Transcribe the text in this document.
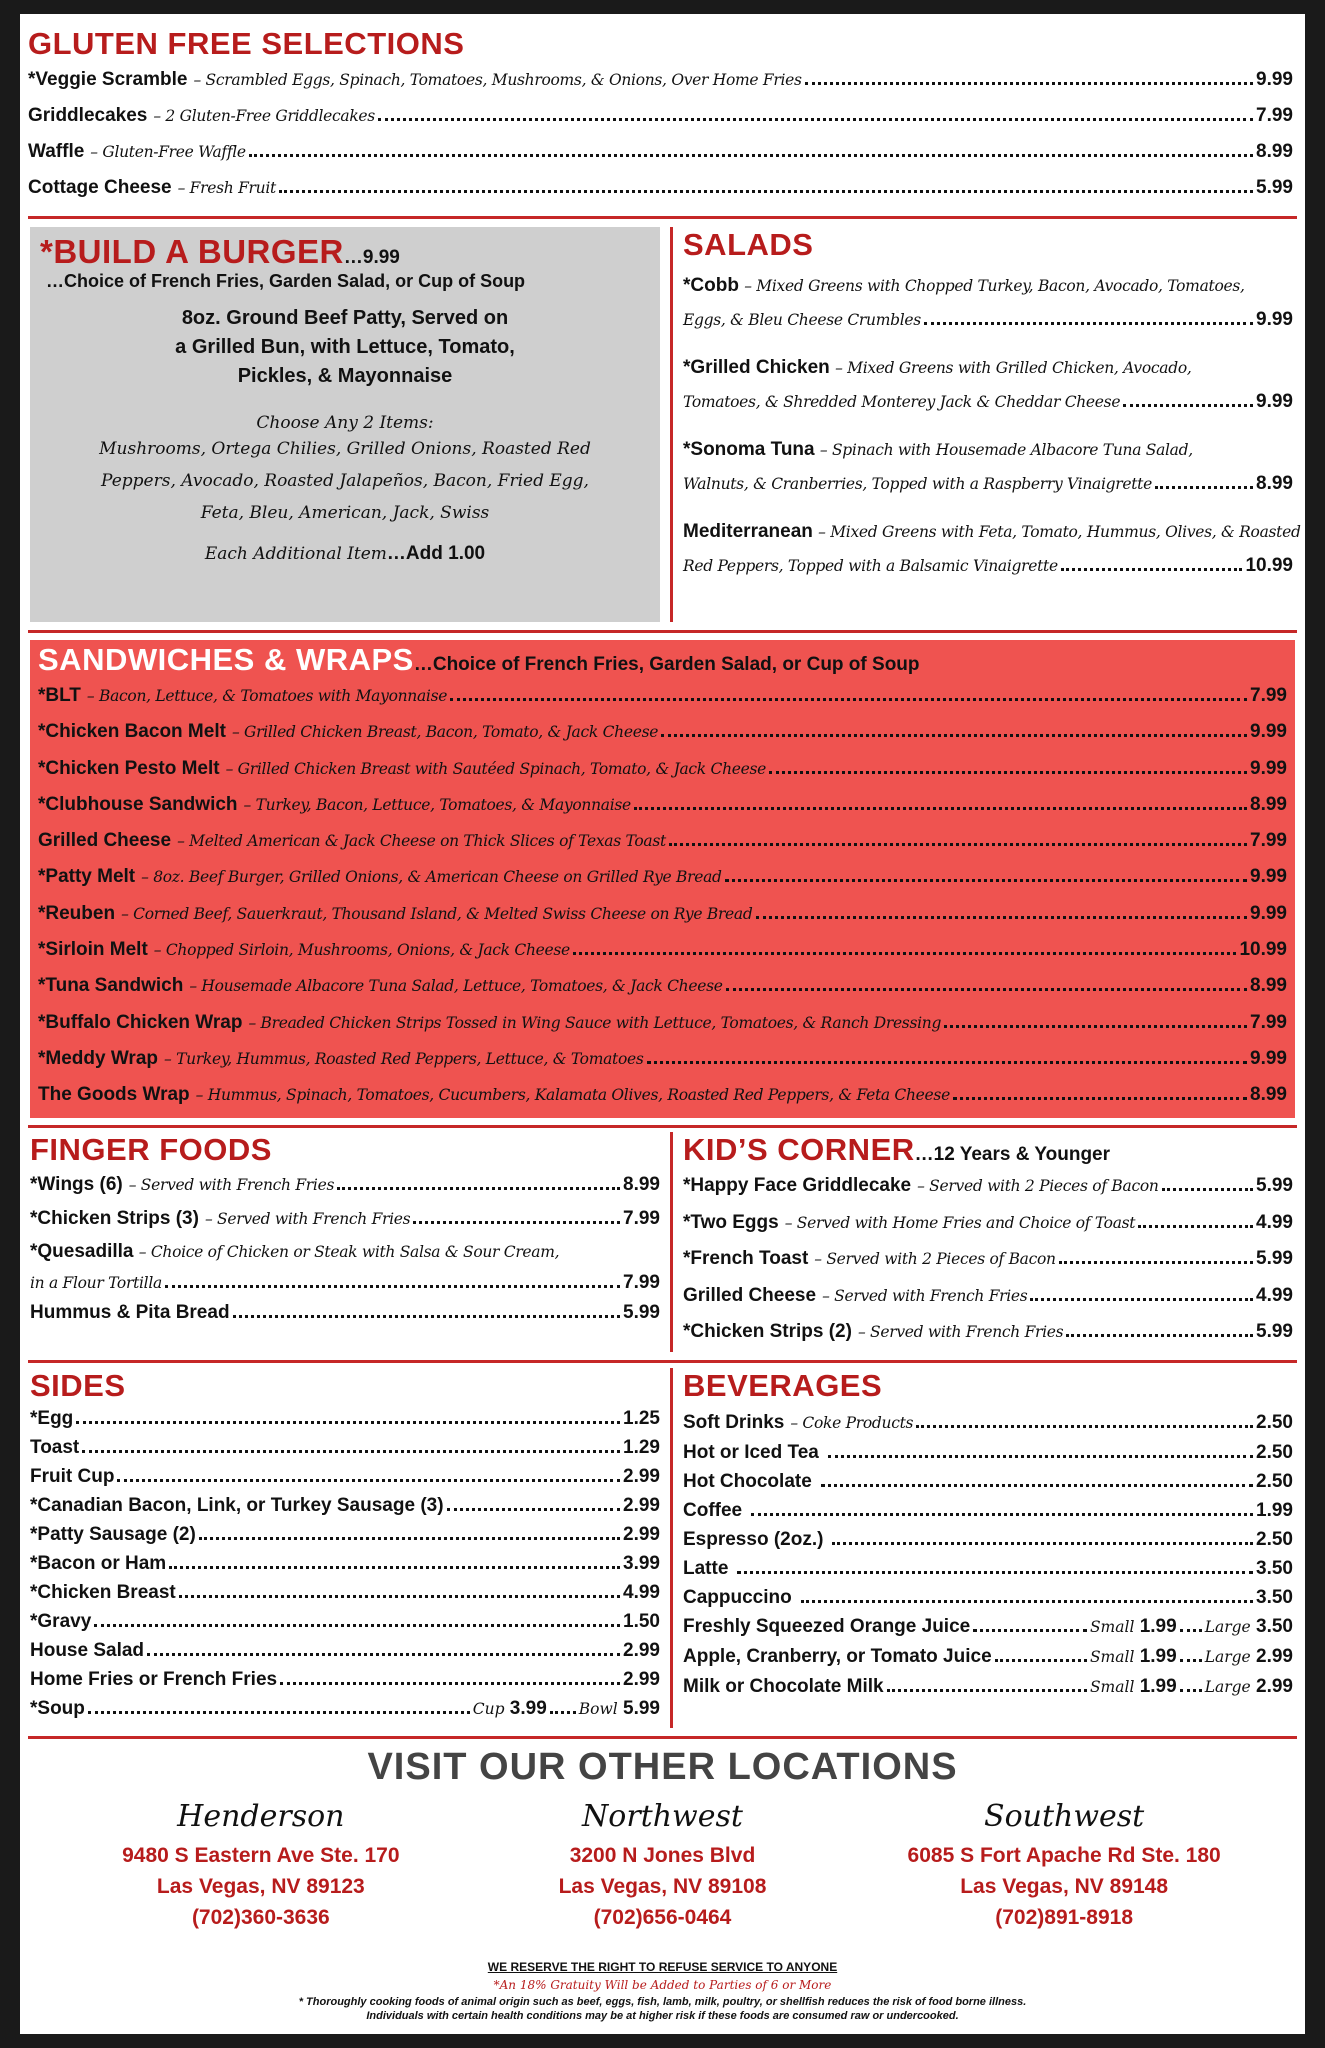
GLUTEN FREE SELECTIONS
*Veggie Scramble – Scrambled Eggs, Spinach, Tomatoes, Mushrooms, & Onions, Over Home Fries	9.99
Griddlecakes – 2 Gluten-Free Griddlecakes	7.99
Waffle – Gluten-Free Waffle	8.99
Cottage Cheese – Fresh Fruit	5.99
*BUILD A BURGER…9.99
…Choice of French Fries, Garden Salad, or Cup of Soup
8oz. Ground Beef Patty, Served on
a Grilled Bun, with Lettuce, Tomato,
Pickles, & Mayonnaise
Choose Any 2 Items:
Mushrooms, Ortega Chilies, Grilled Onions, Roasted Red
Peppers, Avocado, Roasted Jalapeños, Bacon, Fried Egg,
Feta, Bleu, American, Jack, Swiss
Each Additional Item…Add 1.00
SALADS
*Cobb – Mixed Greens with Chopped Turkey, Bacon, Avocado, Tomatoes,
Eggs, & Bleu Cheese Crumbles	9.99
*Grilled Chicken – Mixed Greens with Grilled Chicken, Avocado,
Tomatoes, & Shredded Monterey Jack & Cheddar Cheese	9.99
*Sonoma Tuna – Spinach with Housemade Albacore Tuna Salad,
Walnuts, & Cranberries, Topped with a Raspberry Vinaigrette	8.99
Mediterranean – Mixed Greens with Feta, Tomato, Hummus, Olives, & Roasted
Red Peppers, Topped with a Balsamic Vinaigrette	10.99
SANDWICHES & WRAPS…Choice of French Fries, Garden Salad, or Cup of Soup
*BLT – Bacon, Lettuce, & Tomatoes with Mayonnaise	7.99
*Chicken Bacon Melt – Grilled Chicken Breast, Bacon, Tomato, & Jack Cheese	9.99
*Chicken Pesto Melt – Grilled Chicken Breast with Sautéed Spinach, Tomato, & Jack Cheese	9.99
*Clubhouse Sandwich – Turkey, Bacon, Lettuce, Tomatoes, & Mayonnaise	8.99
Grilled Cheese – Melted American & Jack Cheese on Thick Slices of Texas Toast	7.99
*Patty Melt – 8oz. Beef Burger, Grilled Onions, & American Cheese on Grilled Rye Bread	9.99
*Reuben – Corned Beef, Sauerkraut, Thousand Island, & Melted Swiss Cheese on Rye Bread	9.99
*Sirloin Melt – Chopped Sirloin, Mushrooms, Onions, & Jack Cheese	10.99
*Tuna Sandwich – Housemade Albacore Tuna Salad, Lettuce, Tomatoes, & Jack Cheese	8.99
*Buffalo Chicken Wrap – Breaded Chicken Strips Tossed in Wing Sauce with Lettuce, Tomatoes, & Ranch Dressing	7.99
*Meddy Wrap – Turkey, Hummus, Roasted Red Peppers, Lettuce, & Tomatoes	9.99
The Goods Wrap – Hummus, Spinach, Tomatoes, Cucumbers, Kalamata Olives, Roasted Red Peppers, & Feta Cheese	8.99
FINGER FOODS
*Wings (6) – Served with French Fries	8.99
*Chicken Strips (3) – Served with French Fries	7.99
*Quesadilla – Choice of Chicken or Steak with Salsa & Sour Cream,
in a Flour Tortilla	7.99
Hummus & Pita Bread	5.99
KID’S CORNER…12 Years & Younger
*Happy Face Griddlecake – Served with 2 Pieces of Bacon	5.99
*Two Eggs – Served with Home Fries and Choice of Toast	4.99
*French Toast – Served with 2 Pieces of Bacon	5.99
Grilled Cheese – Served with French Fries	4.99
*Chicken Strips (2) – Served with French Fries	5.99
SIDES
*Egg	1.25
Toast	1.29
Fruit Cup	2.99
*Canadian Bacon, Link, or Turkey Sausage (3)	2.99
*Patty Sausage (2)	2.99
*Bacon or Ham	3.99
*Chicken Breast	4.99
*Gravy	1.50
House Salad	2.99
Home Fries or French Fries	2.99
*Soup	Cup 3.99 Bowl 5.99
BEVERAGES
Soft Drinks – Coke Products	2.50
Hot or Iced Tea	2.50
Hot Chocolate	2.50
Coffee	1.99
Espresso (2oz.)	2.50
Latte	3.50
Cappuccino	3.50
Freshly Squeezed Orange Juice	Small 1.99 Large 3.50
Apple, Cranberry, or Tomato Juice	Small 1.99 Large 2.99
Milk or Chocolate Milk	Small 1.99 Large 2.99
VISIT OUR OTHER LOCATIONS
Henderson
9480 S Eastern Ave Ste. 170
Las Vegas, NV 89123
(702)360-3636
Northwest
3200 N Jones Blvd
Las Vegas, NV 89108
(702)656-0464
Southwest
6085 S Fort Apache Rd Ste. 180
Las Vegas, NV 89148
(702)891-8918
WE RESERVE THE RIGHT TO REFUSE SERVICE TO ANYONE
*An 18% Gratuity Will be Added to Parties of 6 or More
* Thoroughly cooking foods of animal origin such as beef, eggs, fish, lamb, milk, poultry, or shellfish reduces the risk of food borne illness.
Individuals with certain health conditions may be at higher risk if these foods are consumed raw or undercooked.
